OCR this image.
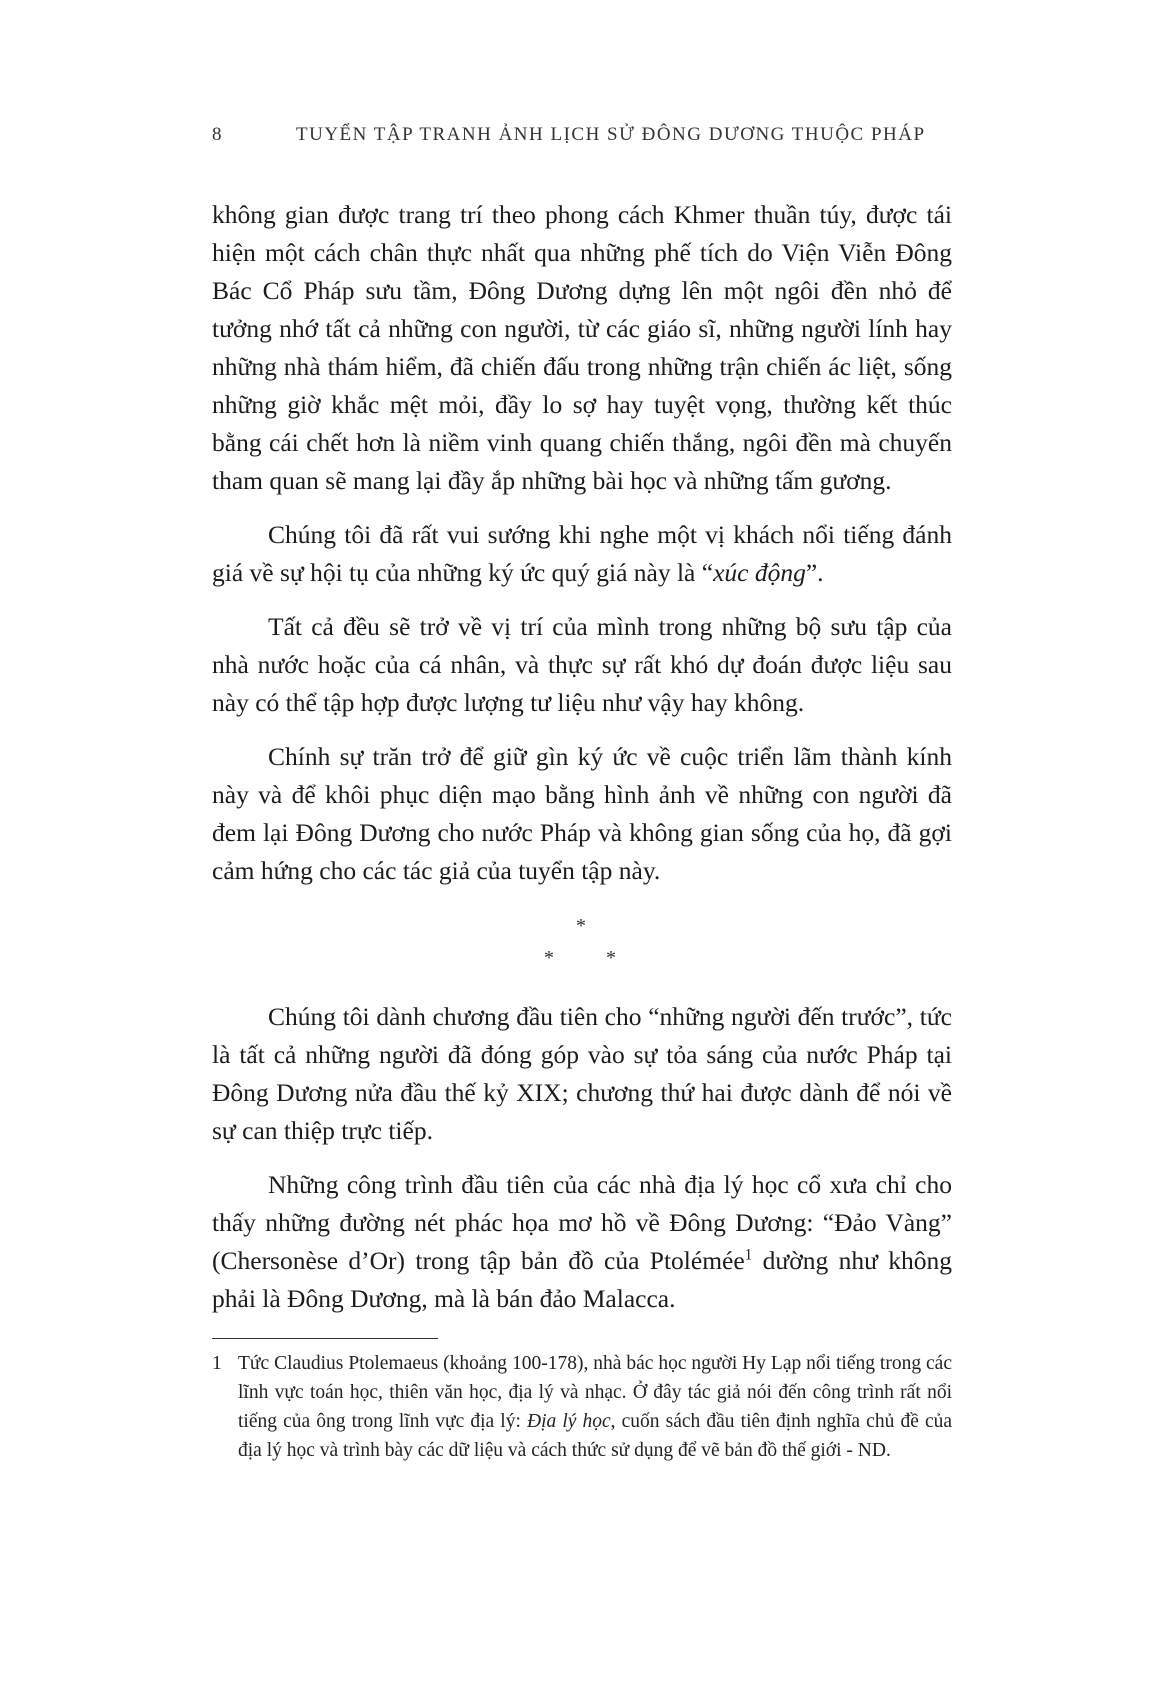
8	TUYỂN TẬP TRANH ẢNH LỊCH SỬ ĐÔNG DƯƠNG THUỘC PHÁP

không gian được trang trí theo phong cách Khmer thuần túy, được tái hiện một cách chân thực nhất qua những phế tích do Viện Viễn Đông Bác Cổ Pháp sưu tầm, Đông Dương dựng lên một ngôi đền nhỏ để tưởng nhớ tất cả những con người, từ các giáo sĩ, những người lính hay những nhà thám hiểm, đã chiến đấu trong những trận chiến ác liệt, sống những giờ khắc mệt mỏi, đầy lo sợ hay tuyệt vọng, thường kết thúc bằng cái chết hơn là niềm vinh quang chiến thắng, ngôi đền mà chuyến tham quan sẽ mang lại đầy ắp những bài học và những tấm gương.

Chúng tôi đã rất vui sướng khi nghe một vị khách nổi tiếng đánh giá về sự hội tụ của những ký ức quý giá này là “xúc động”.

Tất cả đều sẽ trở về vị trí của mình trong những bộ sưu tập của nhà nước hoặc của cá nhân, và thực sự rất khó dự đoán được liệu sau này có thể tập hợp được lượng tư liệu như vậy hay không.

Chính sự trăn trở để giữ gìn ký ức về cuộc triển lãm thành kính này và để khôi phục diện mạo bằng hình ảnh về những con người đã đem lại Đông Dương cho nước Pháp và không gian sống của họ, đã gợi cảm hứng cho các tác giả của tuyển tập này.

*
*	*

Chúng tôi dành chương đầu tiên cho “những người đến trước”, tức là tất cả những người đã đóng góp vào sự tỏa sáng của nước Pháp tại Đông Dương nửa đầu thế kỷ XIX; chương thứ hai được dành để nói về sự can thiệp trực tiếp.

Những công trình đầu tiên của các nhà địa lý học cổ xưa chỉ cho thấy những đường nét phác họa mơ hồ về Đông Dương: “Đảo Vàng” (Chersonèse d’Or) trong tập bản đồ của Ptolémée$^1$ dường như không phải là Đông Dương, mà là bán đảo Malacca.

1 Tức Claudius Ptolemaeus (khoảng 100-178), nhà bác học người Hy Lạp nổi tiếng trong các lĩnh vực toán học, thiên văn học, địa lý và nhạc. Ở đây tác giả nói đến công trình rất nổi tiếng của ông trong lĩnh vực địa lý: Địa lý học, cuốn sách đầu tiên định nghĩa chủ đề của địa lý học và trình bày các dữ liệu và cách thức sử dụng để vẽ bản đồ thế giới - ND.
